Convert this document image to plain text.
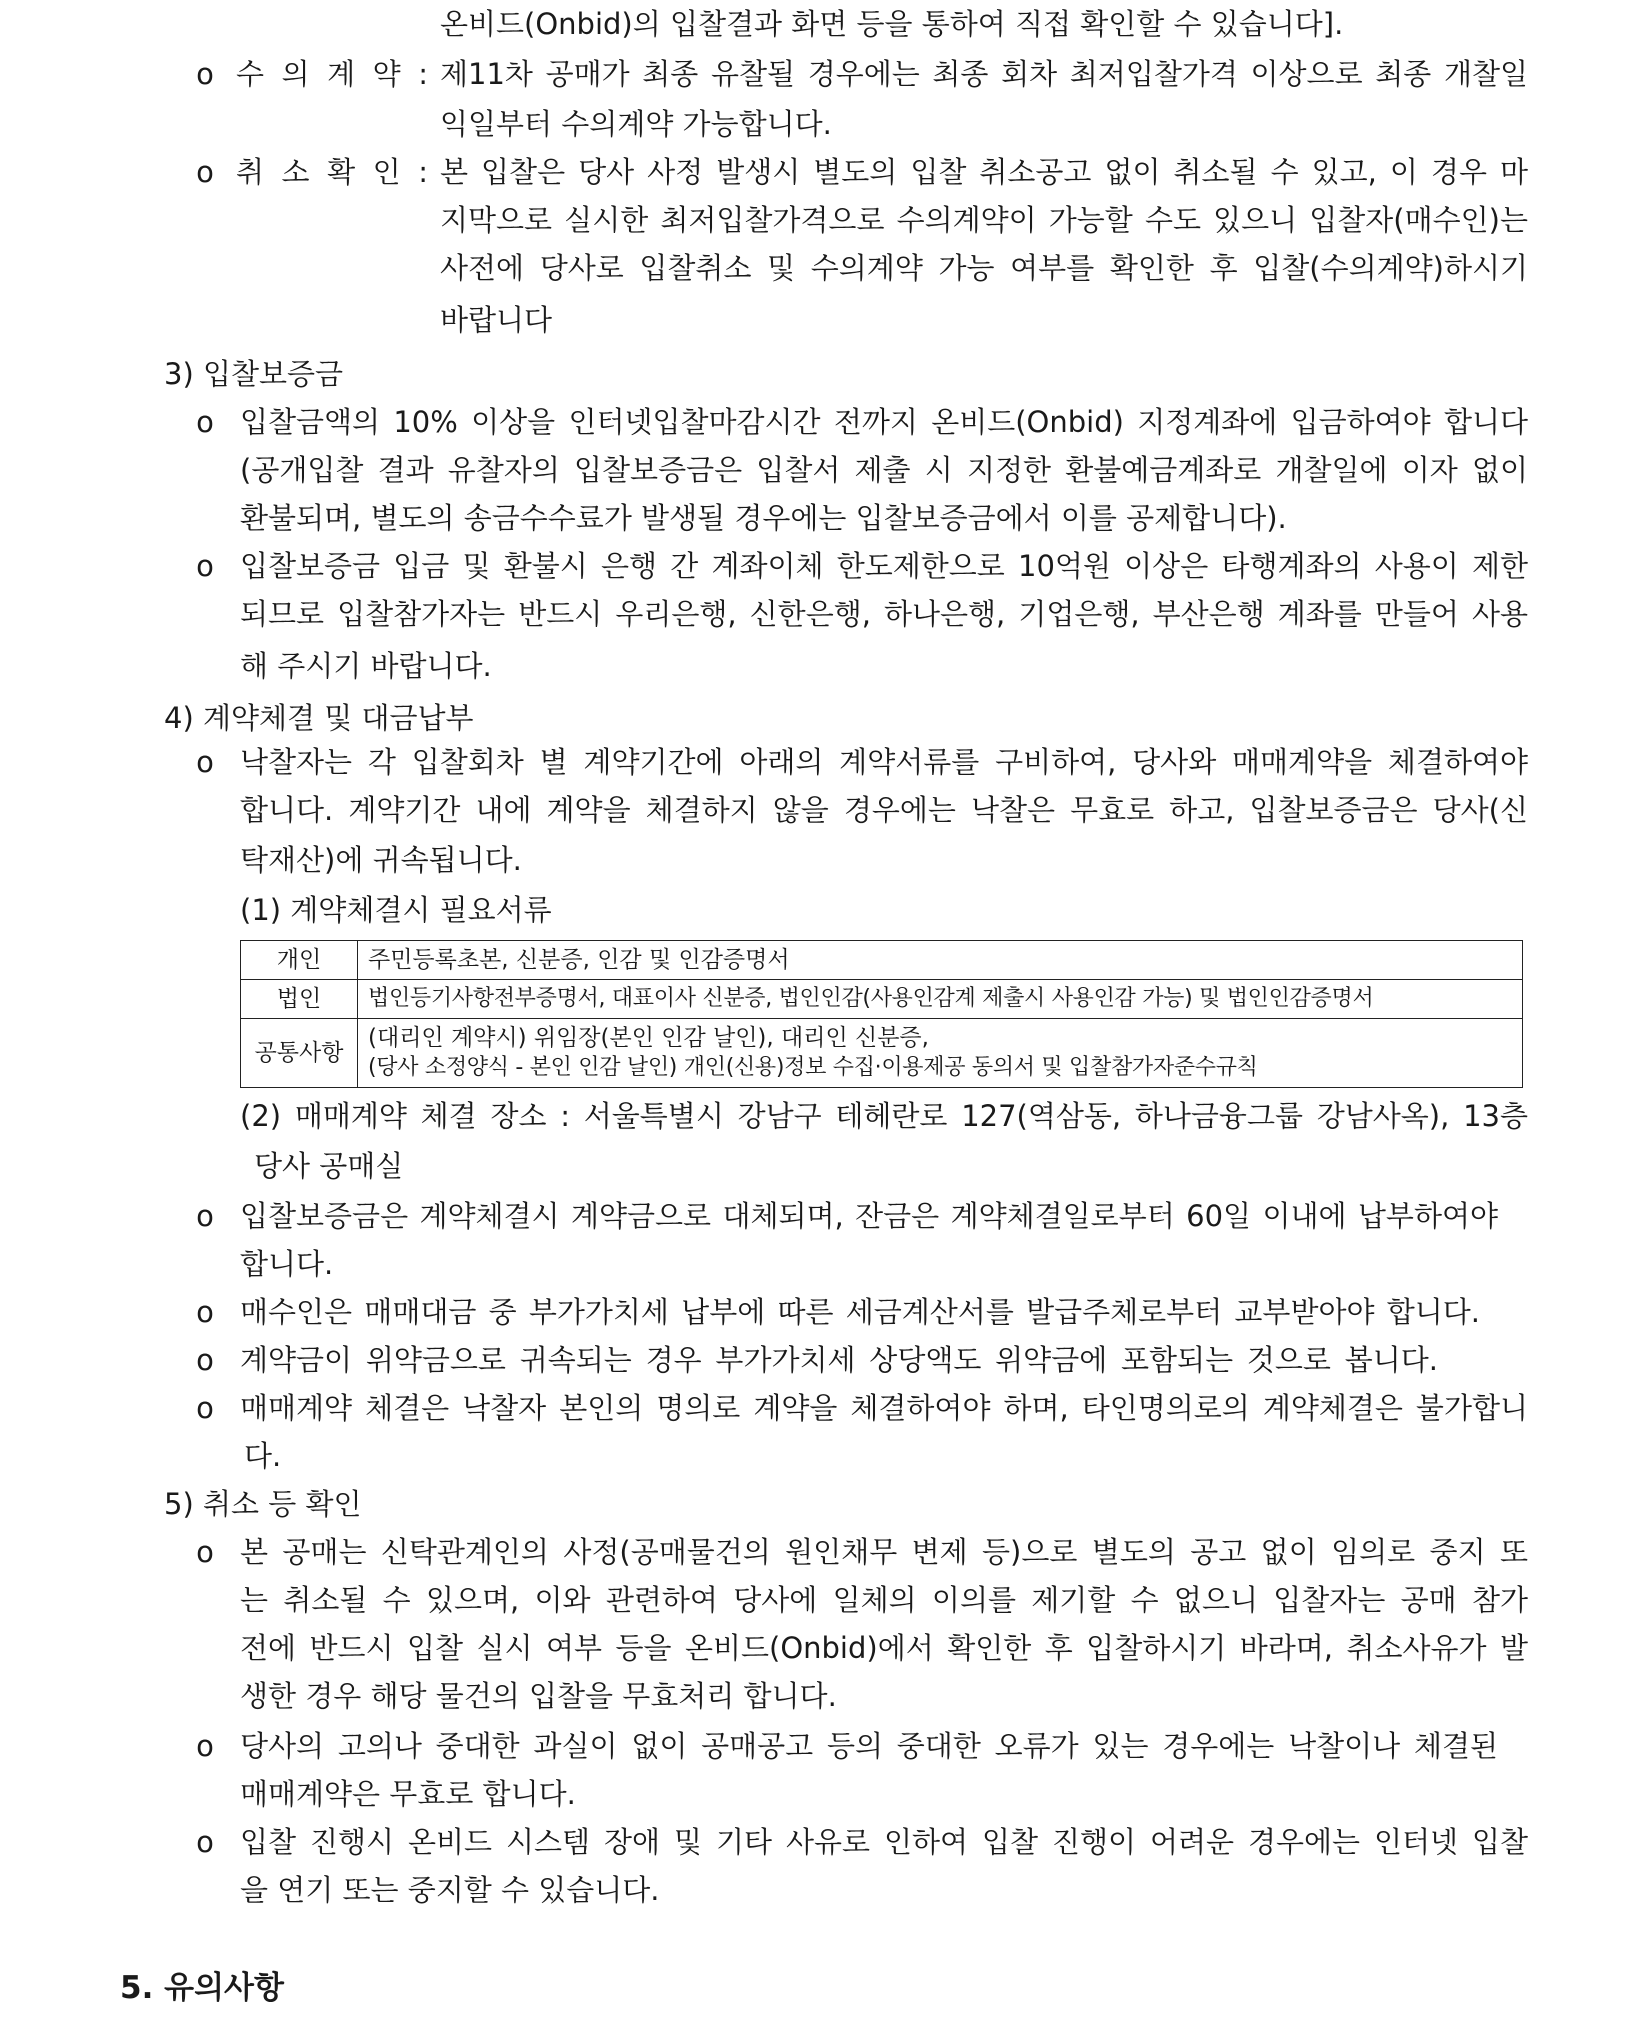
온비드(Onbid)의 입찰결과 화면 등을 통하여 직접 확인할 수 있습니다].
o 수 의 계 약 : 제11차 공매가 최종 유찰될 경우에는 최종 회차 최저입찰가격 이상으로 최종 개찰일
익일부터 수의계약 가능합니다.
o 취 소 확 인 : 본 입찰은 당사 사정 발생시 별도의 입찰 취소공고 없이 취소될 수 있고, 이 경우 마
지막으로 실시한 최저입찰가격으로 수의계약이 가능할 수도 있으니 입찰자(매수인)는
사전에 당사로 입찰취소 및 수의계약 가능 여부를 확인한 후 입찰(수의계약)하시기
바랍니다
3) 입찰보증금
o 입찰금액의 10% 이상을 인터넷입찰마감시간 전까지 온비드(Onbid) 지정계좌에 입금하여야 합니다
(공개입찰 결과 유찰자의 입찰보증금은 입찰서 제출 시 지정한 환불예금계좌로 개찰일에 이자 없이
환불되며, 별도의 송금수수료가 발생될 경우에는 입찰보증금에서 이를 공제합니다).
o 입찰보증금 입금 및 환불시 은행 간 계좌이체 한도제한으로 10억원 이상은 타행계좌의 사용이 제한
되므로 입찰참가자는 반드시 우리은행, 신한은행, 하나은행, 기업은행, 부산은행 계좌를 만들어 사용
해 주시기 바랍니다.
4) 계약체결 및 대금납부
o 낙찰자는 각 입찰회차 별 계약기간에 아래의 계약서류를 구비하여, 당사와 매매계약을 체결하여야
합니다. 계약기간 내에 계약을 체결하지 않을 경우에는 낙찰은 무효로 하고, 입찰보증금은 당사(신
탁재산)에 귀속됩니다.
(1) 계약체결시 필요서류
개인	주민등록초본, 신분증, 인감 및 인감증명서
법인	법인등기사항전부증명서, 대표이사 신분증, 법인인감(사용인감계 제출시 사용인감 가능) 및 법인인감증명서

공통사항	(대리인 계약시) 위임장(본인 인감 날인), 대리인 신분증,
(당사 소정양식 - 본인 인감 날인) 개인(신용)정보 수집·이용제공 동의서 및 입찰참가자준수규칙
(2) 매매계약 체결 장소 : 서울특별시 강남구 테헤란로 127(역삼동, 하나금융그룹 강남사옥), 13층
당사 공매실
o 입찰보증금은 계약체결시 계약금으로 대체되며, 잔금은 계약체결일로부터 60일 이내에 납부하여야
합니다.
o 매수인은 매매대금 중 부가가치세 납부에 따른 세금계산서를 발급주체로부터 교부받아야 합니다.
o 계약금이 위약금으로 귀속되는 경우 부가가치세 상당액도 위약금에 포함되는 것으로 봅니다.
o 매매계약 체결은 낙찰자 본인의 명의로 계약을 체결하여야 하며, 타인명의로의 계약체결은 불가합니
다.
5) 취소 등 확인
o 본 공매는 신탁관계인의 사정(공매물건의 원인채무 변제 등)으로 별도의 공고 없이 임의로 중지 또
는 취소될 수 있으며, 이와 관련하여 당사에 일체의 이의를 제기할 수 없으니 입찰자는 공매 참가
전에 반드시 입찰 실시 여부 등을 온비드(Onbid)에서 확인한 후 입찰하시기 바라며, 취소사유가 발
생한 경우 해당 물건의 입찰을 무효처리 합니다.
o 당사의 고의나 중대한 과실이 없이 공매공고 등의 중대한 오류가 있는 경우에는 낙찰이나 체결된
매매계약은 무효로 합니다.
o 입찰 진행시 온비드 시스템 장애 및 기타 사유로 인하여 입찰 진행이 어려운 경우에는 인터넷 입찰
을 연기 또는 중지할 수 있습니다.
5. 유의사항
